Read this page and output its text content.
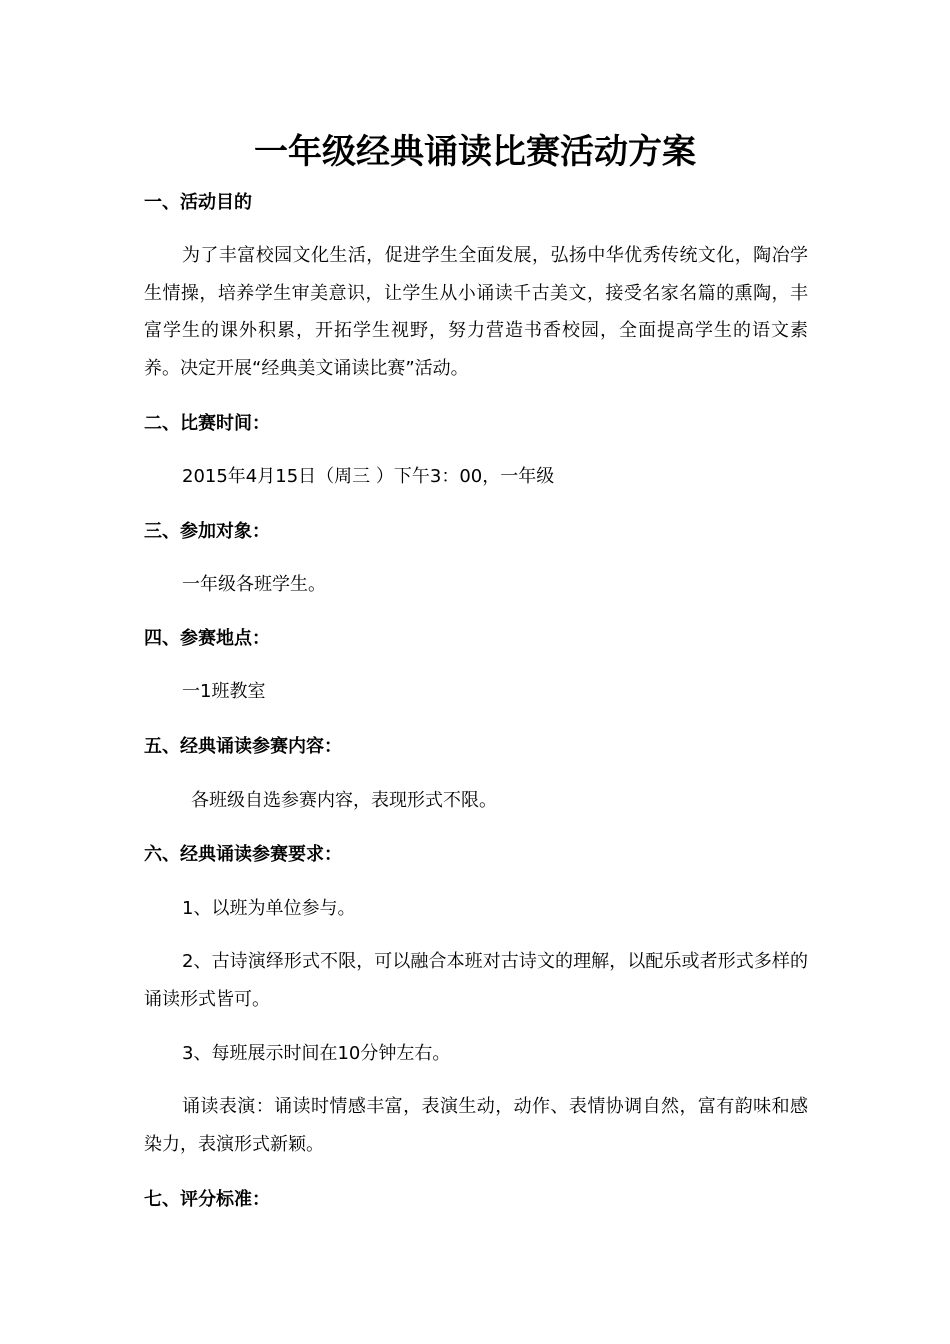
一年级经典诵读比赛活动方案
一、活动目的
为了丰富校园文化生活，促进学生全面发展，弘扬中华优秀传统文化，陶冶学生情操，培养学生审美意识，让学生从小诵读千古美文，接受名家名篇的熏陶，丰富学生的课外积累，开拓学生视野，努力营造书香校园，全面提高学生的语文素养。决定开展“经典美文诵读比赛”活动。
二、比赛时间：
2015年4月15日（周三 ）下午3：00，一年级
三、参加对象：
一年级各班学生。
四、参赛地点：
一1班教室
五、经典诵读参赛内容：
各班级自选参赛内容，表现形式不限。
六、经典诵读参赛要求：
1、以班为单位参与。
2、古诗演绎形式不限，可以融合本班对古诗文的理解，以配乐或者形式多样的诵读形式皆可。
3、每班展示时间在10分钟左右。
诵读表演：诵读时情感丰富，表演生动，动作、表情协调自然，富有韵味和感染力，表演形式新颖。
七、评分标准：
